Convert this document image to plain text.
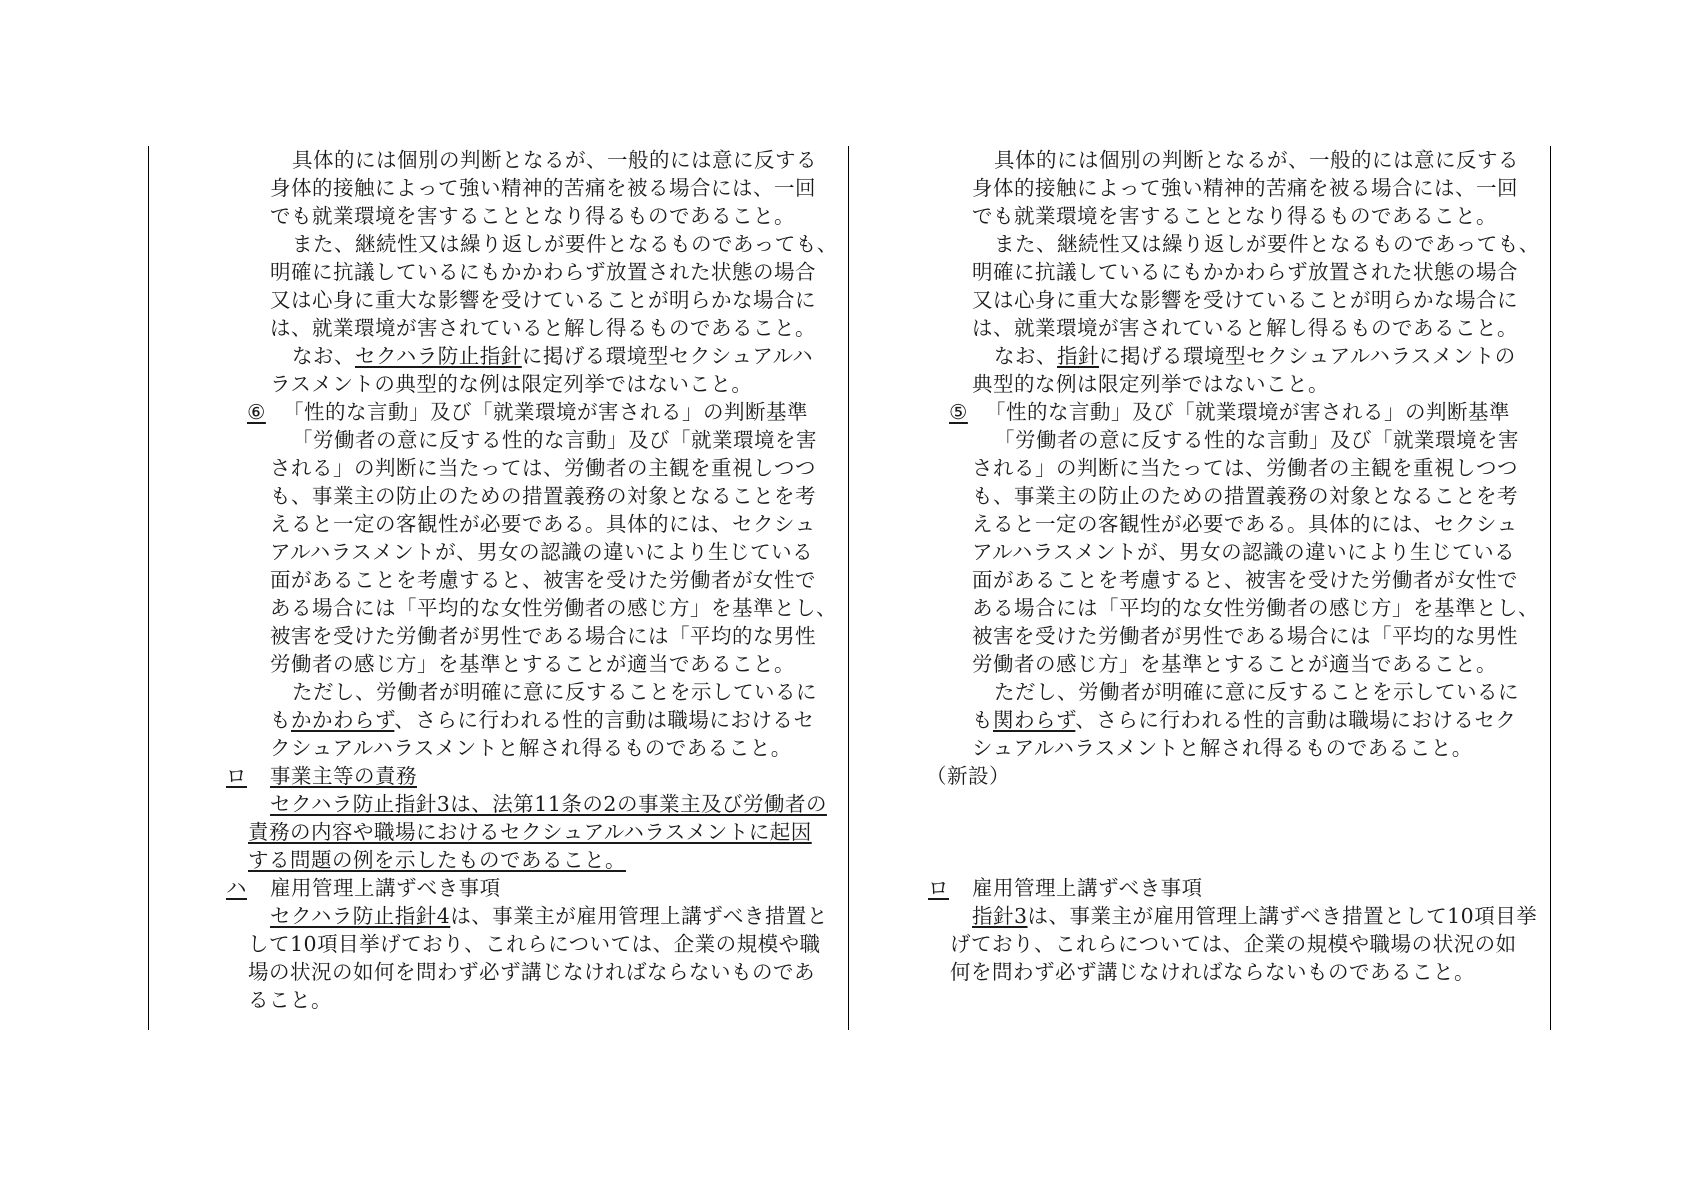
具体的には個別の判断となるが、一般的には意に反する
身体的接触によって強い精神的苦痛を被る場合には、一回
でも就業環境を害することとなり得るものであること。
また、継続性又は繰り返しが要件となるものであっても、
明確に抗議しているにもかかわらず放置された状態の場合
又は心身に重大な影響を受けていることが明らかな場合に
は、就業環境が害されていると解し得るものであること。
なお、セクハラ防止指針に掲げる環境型セクシュアルハ
ラスメントの典型的な例は限定列挙ではないこと。
⑥ 「性的な言動」及び「就業環境が害される」の判断基準
「労働者の意に反する性的な言動」及び「就業環境を害
される」の判断に当たっては、労働者の主観を重視しつつ
も、事業主の防止のための措置義務の対象となることを考
えると一定の客観性が必要である。具体的には、セクシュ
アルハラスメントが、男女の認識の違いにより生じている
面があることを考慮すると、被害を受けた労働者が女性で
ある場合には「平均的な女性労働者の感じ方」を基準とし、
被害を受けた労働者が男性である場合には「平均的な男性
労働者の感じ方」を基準とすることが適当であること。
ただし、労働者が明確に意に反することを示しているに
もかかわらず、さらに行われる性的言動は職場におけるセ
クシュアルハラスメントと解され得るものであること。
ロ 事業主等の責務
セクハラ防止指針3は、法第11条の2の事業主及び労働者の
責務の内容や職場におけるセクシュアルハラスメントに起因
する問題の例を示したものであること。
ハ 雇用管理上講ずべき事項
セクハラ防止指針4は、事業主が雇用管理上講ずべき措置と
して10項目挙げており、これらについては、企業の規模や職
場の状況の如何を問わず必ず講じなければならないものであ
ること。
具体的には個別の判断となるが、一般的には意に反する
身体的接触によって強い精神的苦痛を被る場合には、一回
でも就業環境を害することとなり得るものであること。
また、継続性又は繰り返しが要件となるものであっても、
明確に抗議しているにもかかわらず放置された状態の場合
又は心身に重大な影響を受けていることが明らかな場合に
は、就業環境が害されていると解し得るものであること。
なお、指針に掲げる環境型セクシュアルハラスメントの
典型的な例は限定列挙ではないこと。
⑤ 「性的な言動」及び「就業環境が害される」の判断基準
「労働者の意に反する性的な言動」及び「就業環境を害
される」の判断に当たっては、労働者の主観を重視しつつ
も、事業主の防止のための措置義務の対象となることを考
えると一定の客観性が必要である。具体的には、セクシュ
アルハラスメントが、男女の認識の違いにより生じている
面があることを考慮すると、被害を受けた労働者が女性で
ある場合には「平均的な女性労働者の感じ方」を基準とし、
被害を受けた労働者が男性である場合には「平均的な男性
労働者の感じ方」を基準とすることが適当であること。
ただし、労働者が明確に意に反することを示しているに
も関わらず、さらに行われる性的言動は職場におけるセク
シュアルハラスメントと解され得るものであること。
（新設）
ロ 雇用管理上講ずべき事項
指針3は、事業主が雇用管理上講ずべき措置として10項目挙
げており、これらについては、企業の規模や職場の状況の如
何を問わず必ず講じなければならないものであること。
